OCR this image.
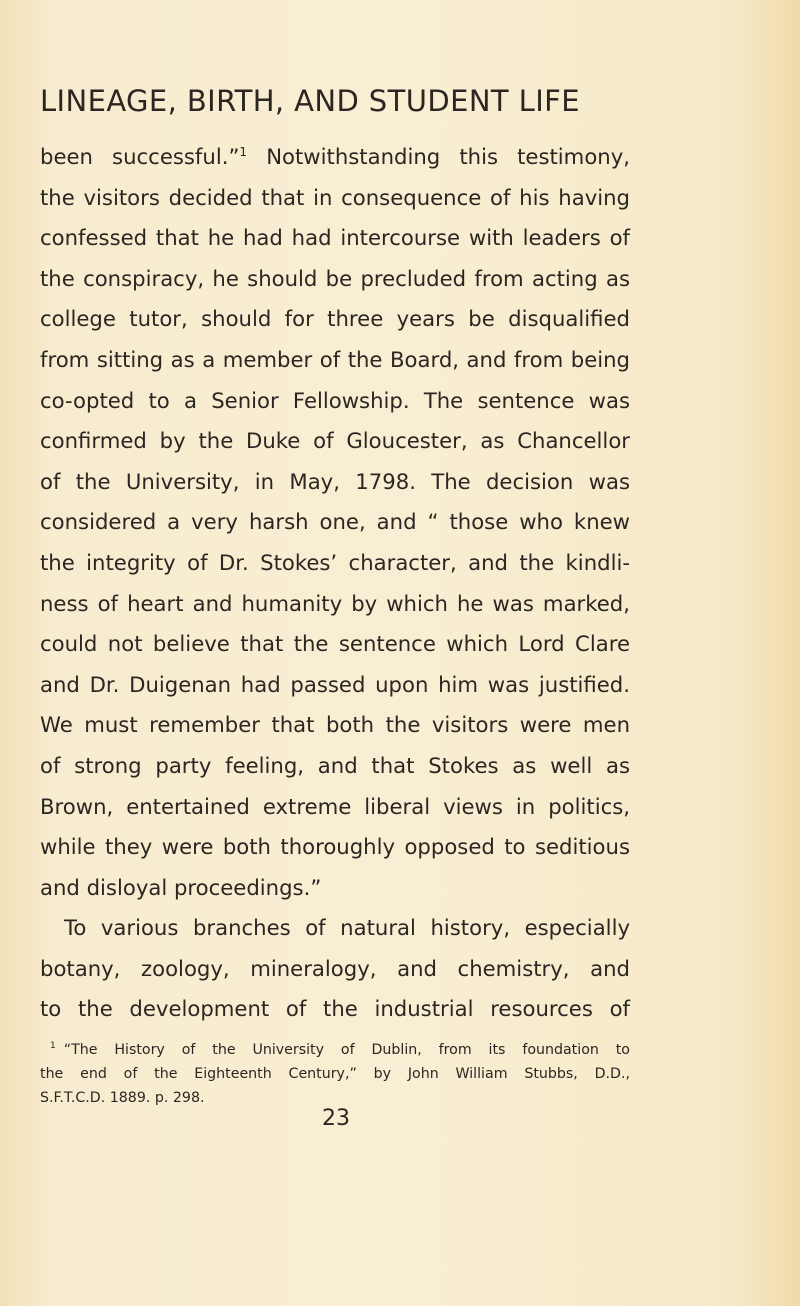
LINEAGE, BIRTH, AND STUDENT LIFE
been successful.”$^1$ Notwithstanding this testimony,
the visitors decided that in consequence of his having
confessed that he had had intercourse with leaders of
the conspiracy, he should be precluded from acting as
college tutor, should for three years be disqualified
from sitting as a member of the Board, and from being
co-opted to a Senior Fellowship. The sentence was
confirmed by the Duke of Gloucester, as Chancellor
of the University, in May, 1798. The decision was
considered a very harsh one, and “ those who knew
the integrity of Dr. Stokes’ character, and the kindli-
ness of heart and humanity by which he was marked,
could not believe that the sentence which Lord Clare
and Dr. Duigenan had passed upon him was justified.
We must remember that both the visitors were men
of strong party feeling, and that Stokes as well as
Brown, entertained extreme liberal views in politics,
while they were both thoroughly opposed to seditious
and disloyal proceedings.”
To various branches of natural history, especially
botany, zoology, mineralogy, and chemistry, and
to the development of the industrial resources of
$^1$ “The History of the University of Dublin, from its foundation to
the end of the Eighteenth Century,” by John William Stubbs, D.D.,
S.F.T.C.D. 1889. p. 298.
23
